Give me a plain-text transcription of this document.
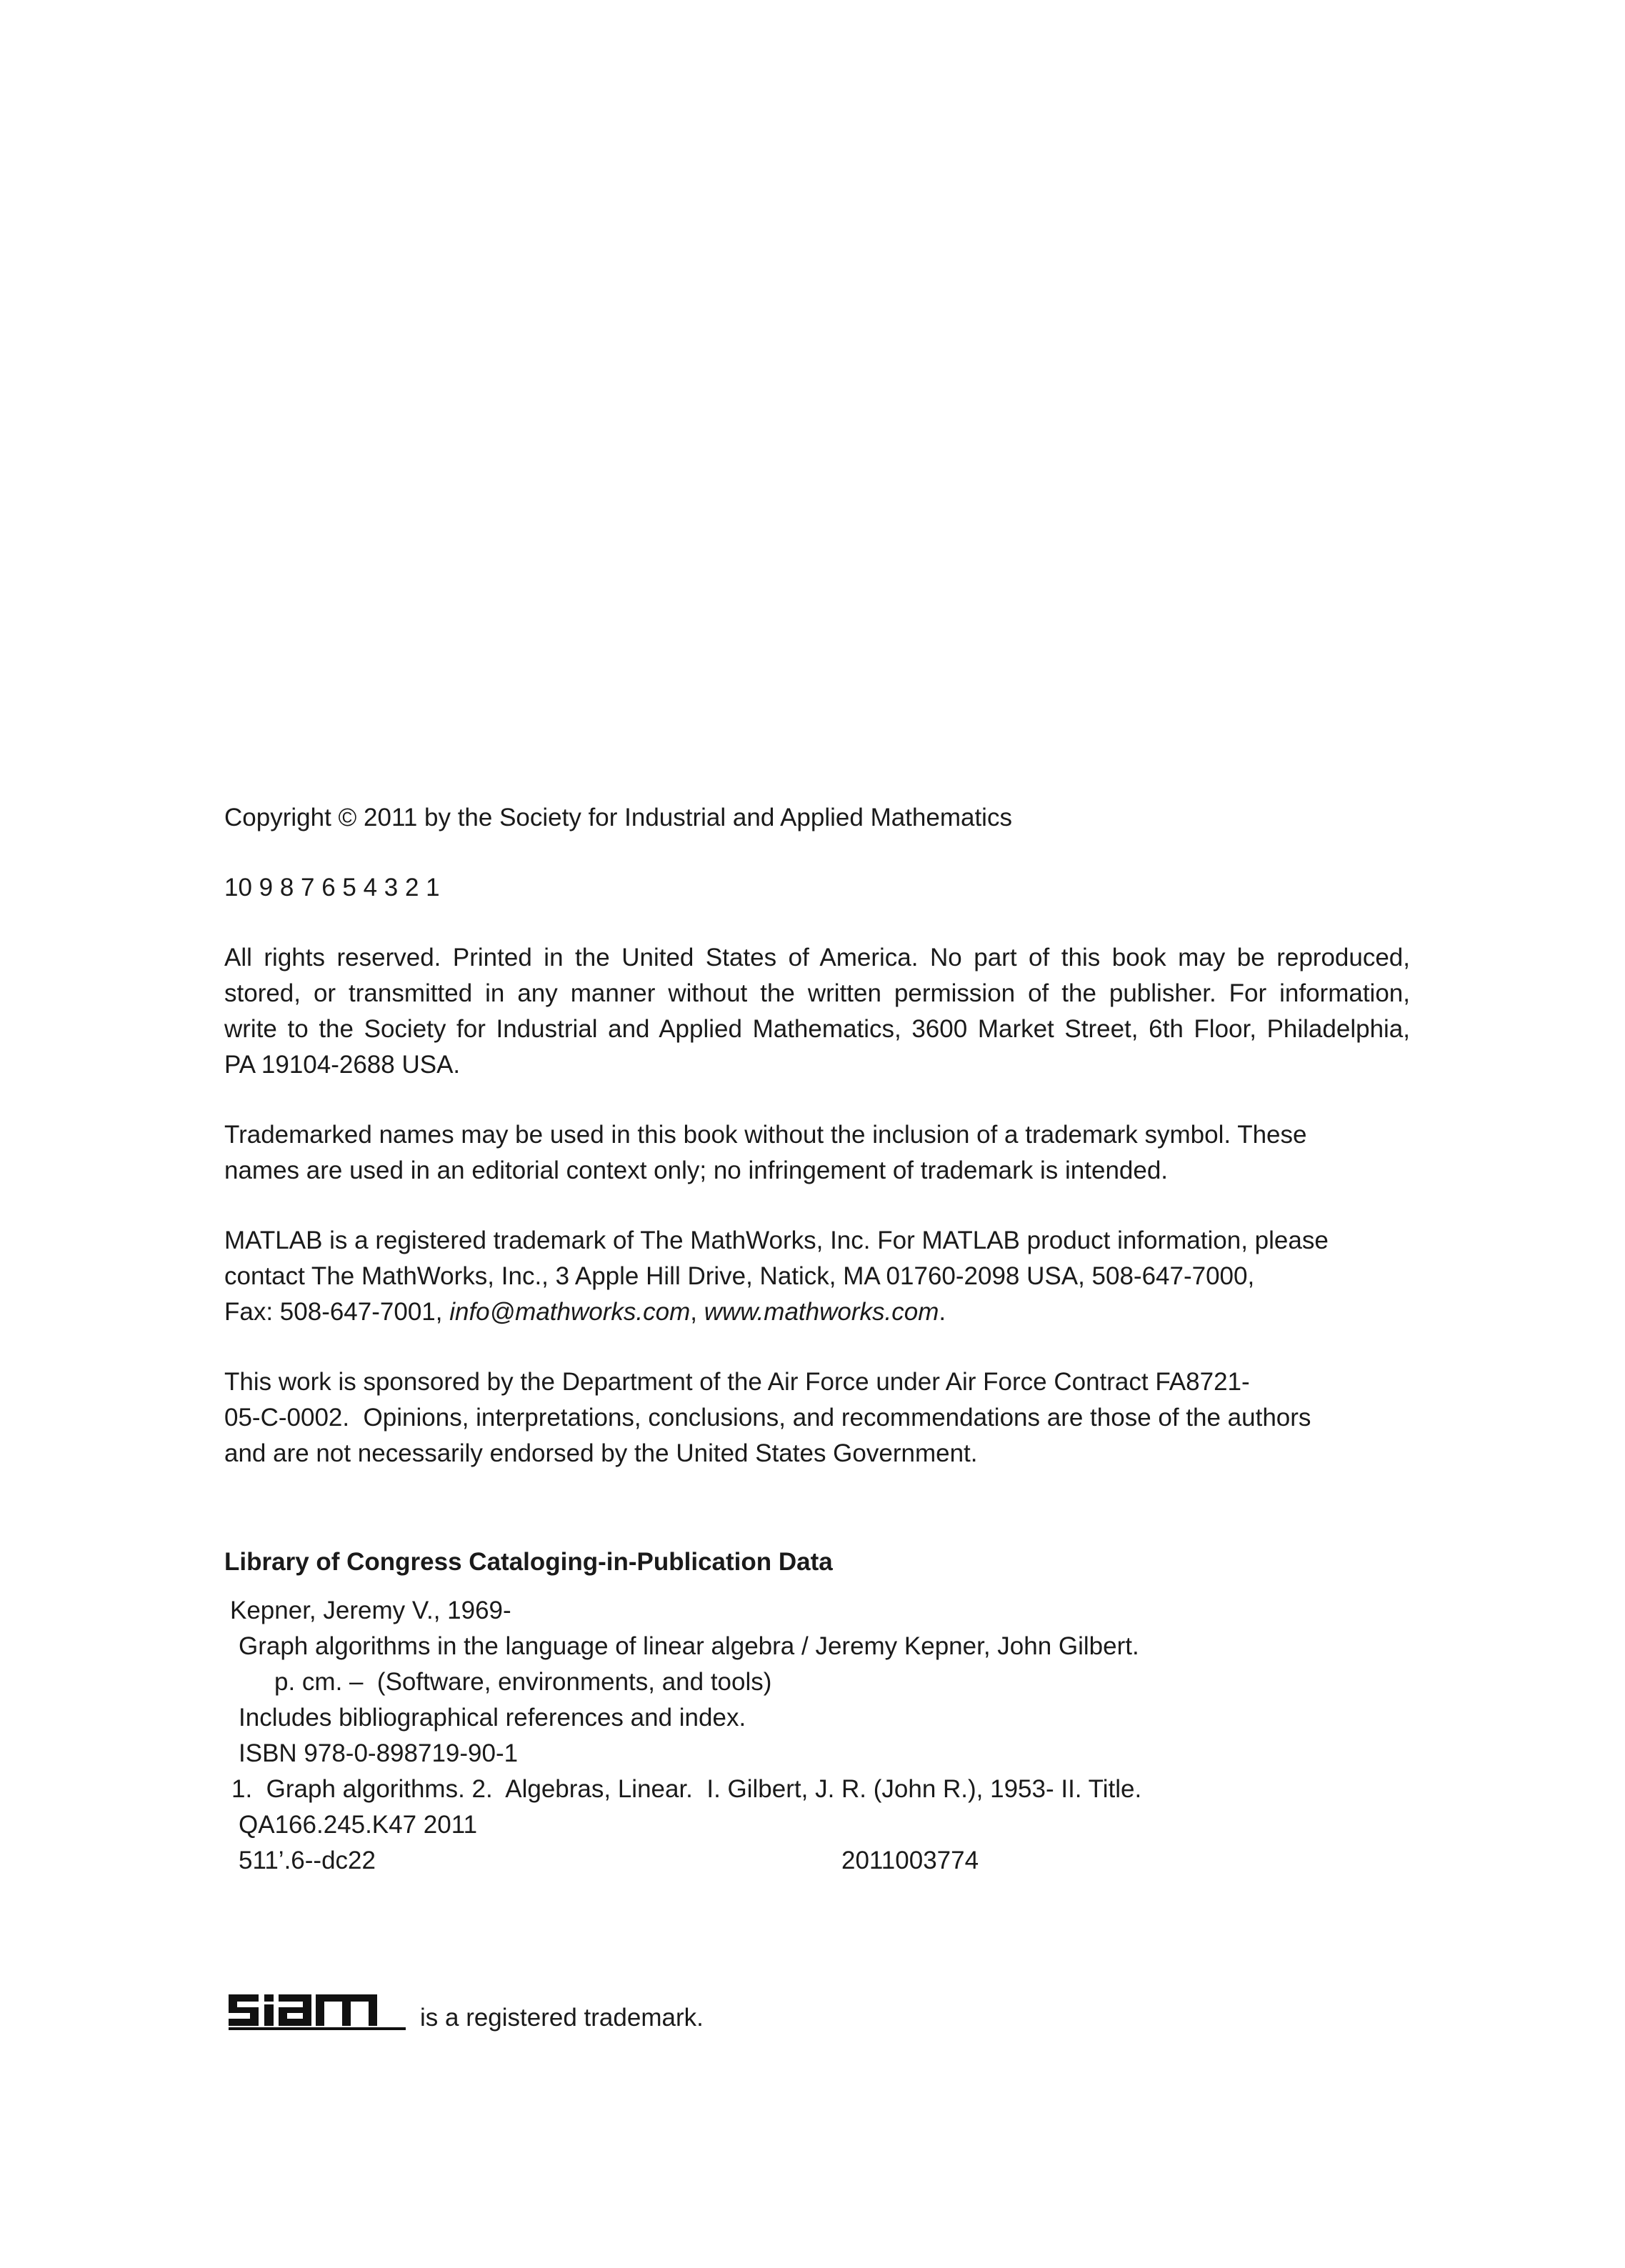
Copyright © 2011 by the Society for Industrial and Applied Mathematics

10 9 8 7 6 5 4 3 2 1

All rights reserved. Printed in the United States of America. No part of this book may be reproduced,
stored, or transmitted in any manner without the written permission of the publisher. For information,
write to the Society for Industrial and Applied Mathematics, 3600 Market Street, 6th Floor, Philadelphia,
PA 19104-2688 USA.

Trademarked names may be used in this book without the inclusion of a trademark symbol. These
names are used in an editorial context only; no infringement of trademark is intended.

MATLAB is a registered trademark of The MathWorks, Inc. For MATLAB product information, please
contact The MathWorks, Inc., 3 Apple Hill Drive, Natick, MA 01760-2098 USA, 508-647-7000,
Fax: 508-647-7001, info@mathworks.com, www.mathworks.com.

This work is sponsored by the Department of the Air Force under Air Force Contract FA8721-
05-C-0002.  Opinions, interpretations, conclusions, and recommendations are those of the authors
and are not necessarily endorsed by the United States Government.

Library of Congress Cataloging-in-Publication Data
Kepner, Jeremy V., 1969-
Graph algorithms in the language of linear algebra / Jeremy Kepner, John Gilbert.
p. cm. –  (Software, environments, and tools)
Includes bibliographical references and index.
ISBN 978-0-898719-90-1
1.  Graph algorithms. 2.  Algebras, Linear.  I. Gilbert, J. R. (John R.), 1953- II. Title.
QA166.245.K47 2011
511’.6--dc22	2011003774
siam
is a registered trademark.
